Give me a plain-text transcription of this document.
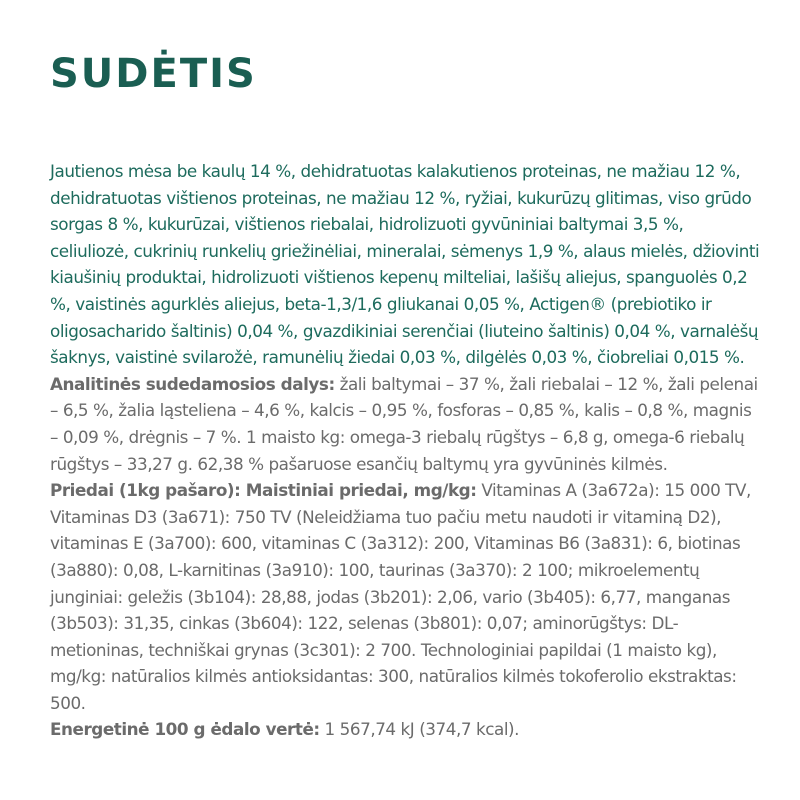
SUDĖTIS

Jautienos mėsa be kaulų 14 %, dehidratuotas kalakutienos proteinas, ne mažiau 12 %, dehidratuotas vištienos proteinas, ne mažiau 12 %, ryžiai, kukurūzų glitimas, viso grūdo sorgas 8 %, kukurūzai, vištienos riebalai, hidrolizuoti gyvūniniai baltymai 3,5 %, celiuliozė, cukrinių runkelių griežinėliai, mineralai, sėmenys 1,9 %, alaus mielės, džiovinti kiaušinių produktai, hidrolizuoti vištienos kepenų milteliai, lašišų aliejus, spanguolės 0,2 %, vaistinės agurklės aliejus, beta-1,3/1,6 gliukanai 0,05 %, Actigen® (prebiotiko ir oligosacharido šaltinis) 0,04 %, gvazdikiniai serenčiai (liuteino šaltinis) 0,04 %, varnalėšų šaknys, vaistinė svilarožė, ramunėlių žiedai 0,03 %, dilgėlės 0,03 %, čiobreliai 0,015 %.

Analitinės sudedamosios dalys: žali baltymai – 37 %, žali riebalai – 12 %, žali pelenai – 6,5 %, žalia ląsteliena – 4,6 %, kalcis – 0,95 %, fosforas – 0,85 %, kalis – 0,8 %, magnis – 0,09 %, drėgnis – 7 %. 1 maisto kg: omega-3 riebalų rūgštys – 6,8 g, omega-6 riebalų rūgštys – 33,27 g. 62,38 % pašaruose esančių baltymų yra gyvūninės kilmės.

Priedai (1kg pašaro): Maistiniai priedai, mg/kg: Vitaminas A (3a672a): 15 000 TV, Vitaminas D3 (3a671): 750 TV (Neleidžiama tuo pačiu metu naudoti ir vitaminą D2), vitaminas E (3a700): 600, vitaminas C (3a312): 200, Vitaminas B6 (3a831): 6, biotinas (3a880): 0,08, L-karnitinas (3a910): 100, taurinas (3a370): 2 100; mikroelementų junginiai: geležis (3b104): 28,88, jodas (3b201): 2,06, vario (3b405): 6,77, manganas (3b503): 31,35, cinkas (3b604): 122, selenas (3b801): 0,07; aminorūgštys: DL-metioninas, techniškai grynas (3c301): 2 700. Technologiniai papildai (1 maisto kg), mg/kg: natūralios kilmės antioksidantas: 300, natūralios kilmės tokoferolio ekstraktas: 500.

Energetinė 100 g ėdalo vertė: 1 567,74 kJ (374,7 kcal).
